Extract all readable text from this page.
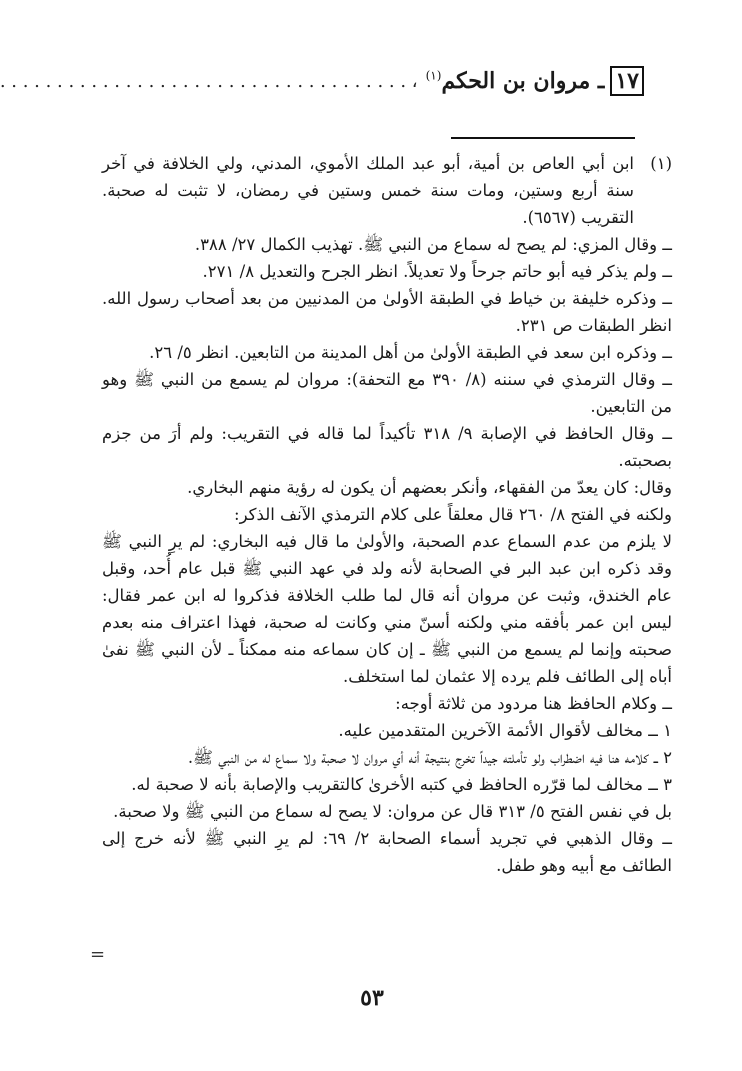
١٧
ـ مروان بن الحكم$^{(١)}$
، . . . . . . . . . . . . . . . . . . . . . . . . . . . . . . . . . . . .

(١)
ابن أبي العاص بن أمية، أبو عبد الملك الأموي، المدني، ولي الخلافة في آخر سنة أربع وستين، ومات سنة خمس وستين في رمضان، لا تثبت له صحبة. التقريب (٦٥٦٧).

ــ وقال المزي: لم يصح له سماع من النبي ﷺ. تهذيب الكمال ٢٧/ ٣٨٨.

ــ ولم يذكر فيه أبو حاتم جرحاً ولا تعديلاً. انظر الجرح والتعديل ٨/ ٢٧١.

ــ وذكره خليفة بن خياط في الطبقة الأولىٰ من المدنيين من بعد أصحاب رسول الله. انظر الطبقات ص ٢٣١.

ــ وذكره ابن سعد في الطبقة الأولىٰ من أهل المدينة من التابعين. انظر ٥/ ٢٦.

ــ وقال الترمذي في سننه (٨/ ٣٩٠ مع التحفة): مروان لم يسمع من النبي ﷺ وهو من التابعين.

ــ وقال الحافظ في الإصابة ٩/ ٣١٨ تأكيداً لما قاله في التقريب: ولم أرَ من جزم بصحبته.

وقال: كان يعدّ من الفقهاء، وأنكر بعضهم أن يكون له رؤية منهم البخاري.

ولكنه في الفتح ٨/ ٢٦٠ قال معلقاً على كلام الترمذي الآنف الذكر:

لا يلزم من عدم السماع عدم الصحبة، والأولىٰ ما قال فيه البخاري: لم يرِ النبي ﷺ وقد ذكره ابن عبد البر في الصحابة لأنه ولد في عهد النبي ﷺ قبل عام أُحد، وقبل عام الخندق، وثبت عن مروان أنه قال لما طلب الخلافة فذكروا له ابن عمر فقال: ليس ابن عمر بأفقه مني ولكنه أسنّ مني وكانت له صحبة، فهذا اعتراف منه بعدم صحبته وإنما لم يسمع من النبي ﷺ ـ إن كان سماعه منه ممكناً ـ لأن النبي ﷺ نفىٰ أباه إلى الطائف فلم يرده إلا عثمان لما استخلف.

ــ وكلام الحافظ هنا مردود من ثلاثة أوجه:

١ ــ مخالف لأقوال الأئمة الآخرين المتقدمين عليه.

٢ ــ كلامه هنا فيه اضطراب ولو تأملته جيداً تخرج بنتيجة أنه أي مروان لا صحبة ولا سماع له من النبي ﷺ.

٣ ــ مخالف لما قرّره الحافظ في كتبه الأخرىٰ كالتقريب والإصابة بأنه لا صحبة له.

بل في نفس الفتح ٥/ ٣١٣ قال عن مروان: لا يصح له سماع من النبي ﷺ ولا صحبة.

ــ وقال الذهبي في تجريد أسماء الصحابة ٢/ ٦٩: لم يرِ النبي ﷺ لأنه خرج إلى الطائف مع أبيه وهو طفل.

=
٥٣
